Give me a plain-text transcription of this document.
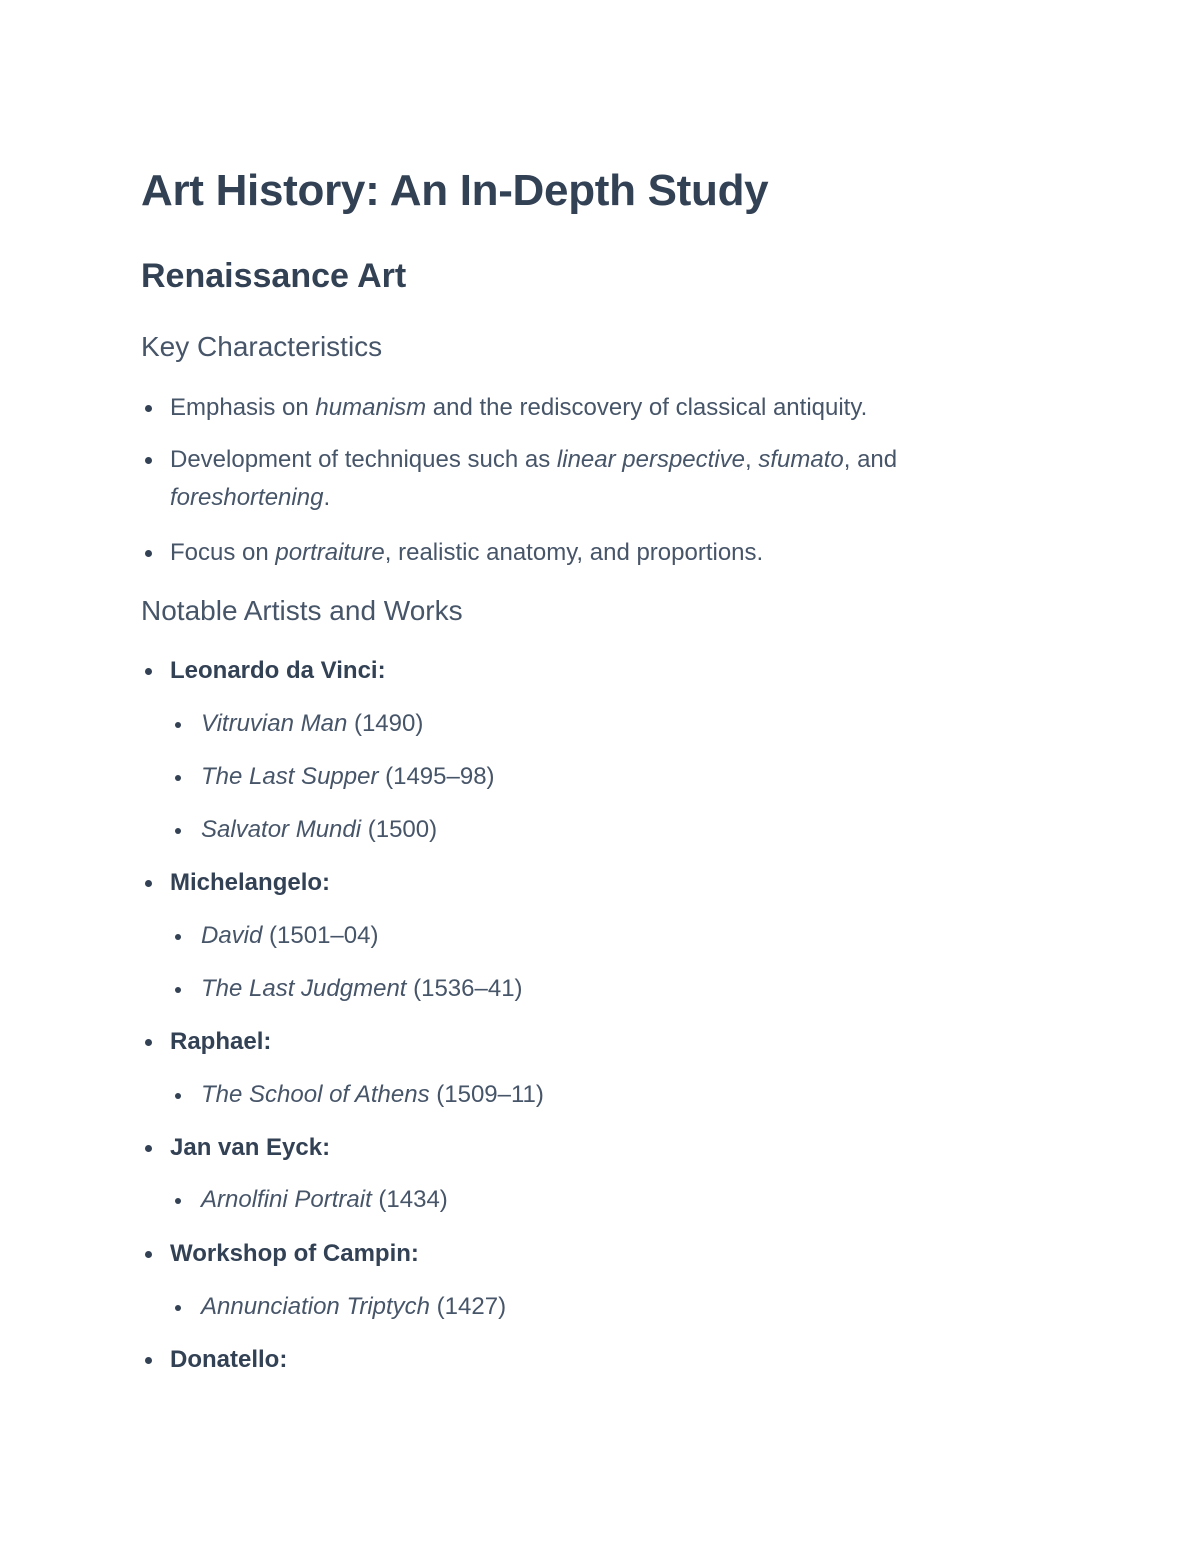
Art History: An In-Depth Study
Renaissance Art
Key Characteristics
Emphasis on humanism and the rediscovery of classical antiquity.
Development of techniques such as linear perspective, sfumato, and
foreshortening.
Focus on portraiture, realistic anatomy, and proportions.
Notable Artists and Works
Leonardo da Vinci:
Vitruvian Man (1490)
The Last Supper (1495–98)
Salvator Mundi (1500)
Michelangelo:
David (1501–04)
The Last Judgment (1536–41)
Raphael:
The School of Athens (1509–11)
Jan van Eyck:
Arnolfini Portrait (1434)
Workshop of Campin:
Annunciation Triptych (1427)
Donatello:
